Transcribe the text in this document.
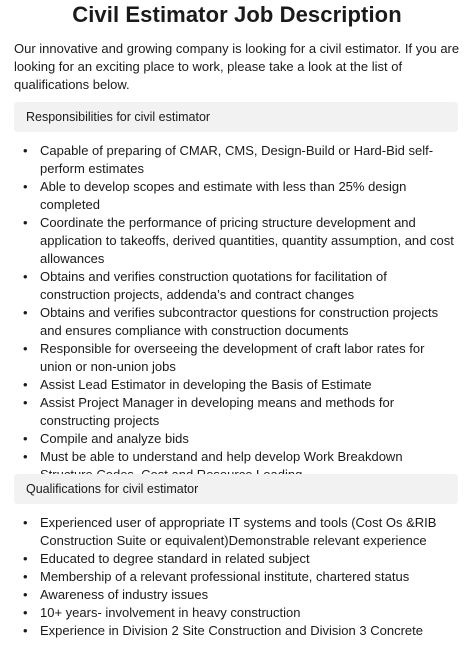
Civil Estimator Job Description
Our innovative and growing company is looking for a civil estimator. If you are looking for an exciting place to work, please take a look at the list of qualifications below.
Responsibilities for civil estimator
• Capable of preparing of CMAR, CMS, Design-Build or Hard-Bid self-perform estimates
• Able to develop scopes and estimate with less than 25% design completed
• Coordinate the performance of pricing structure development and application to takeoffs, derived quantities, quantity assumption, and cost allowances
• Obtains and verifies construction quotations for facilitation of construction projects, addenda’s and contract changes
• Obtains and verifies subcontractor questions for construction projects and ensures compliance with construction documents
• Responsible for overseeing the development of craft labor rates for union or non-union jobs
• Assist Lead Estimator in developing the Basis of Estimate
• Assist Project Manager in developing means and methods for constructing projects
• Compile and analyze bids
• Must be able to understand and help develop Work Breakdown
Qualifications for civil estimator
• Experienced user of appropriate IT systems and tools (Cost Os &RIB Construction Suite or equivalent)Demonstrable relevant experience
• Educated to degree standard in related subject
• Membership of a relevant professional institute, chartered status
• Awareness of industry issues
• 10+ years- involvement in heavy construction
• Experience in Division 2 Site Construction and Division 3 Concrete
